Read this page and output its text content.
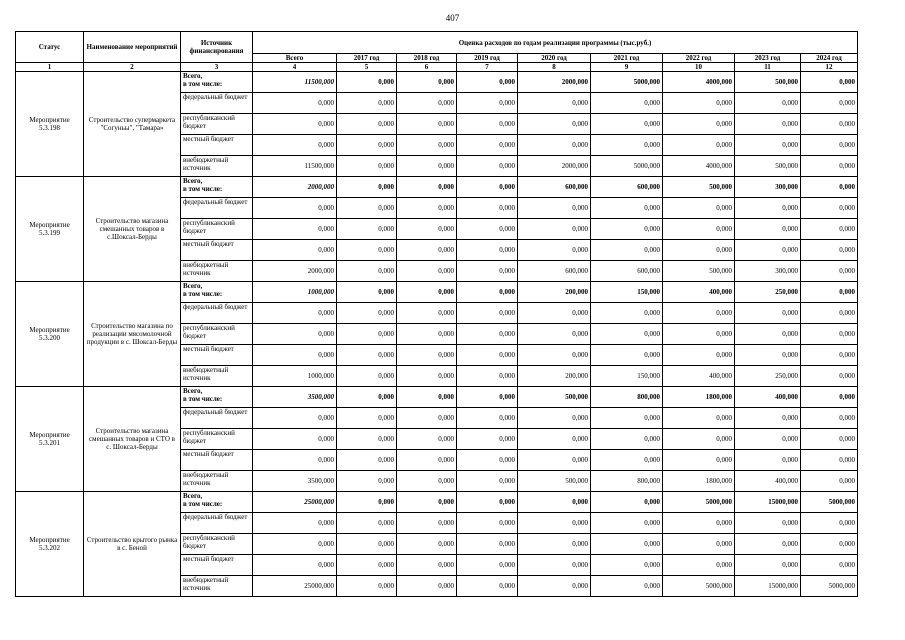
407
Статус	Наименование мероприятий	Источник финансирования	Оценка расходов по годам реализации программы (тыс.руб.)								
			Всего	2017 год	2018 год	2019 год	2020 год	2021 год	2022 год	2023 год	2024 год
1	2	3	4	5	6	7	8	9	10	11	12
Мероприятие 5.3.198	Строительство супермаркета "Согуньы", "Тамара»	Всего,
в том числе:	11500,000	0,000	0,000	0,000	2000,000	5000,000	4000,000	500,000	0,000
		федеральный бюджет	0,000	0,000	0,000	0,000	0,000	0,000	0,000	0,000	0,000
		республиканский бюджет	0,000	0,000	0,000	0,000	0,000	0,000	0,000	0,000	0,000
		местный бюджет	0,000	0,000	0,000	0,000	0,000	0,000	0,000	0,000	0,000
		внебюджетный источник	11500,000	0,000	0,000	0,000	2000,000	5000,000	4000,000	500,000	0,000
Мероприятие 5.3.199	Строительство магазина смешанных товаров в с.Шоксал-Берды	Всего,
в том числе:	2000,000	0,000	0,000	0,000	600,000	600,000	500,000	300,000	0,000
		федеральный бюджет	0,000	0,000	0,000	0,000	0,000	0,000	0,000	0,000	0,000
		республиканский бюджет	0,000	0,000	0,000	0,000	0,000	0,000	0,000	0,000	0,000
		местный бюджет	0,000	0,000	0,000	0,000	0,000	0,000	0,000	0,000	0,000
		внебюджетный источник	2000,000	0,000	0,000	0,000	600,000	600,000	500,000	300,000	0,000
Мероприятие 5.3.200	Строительство магазина по реализации мясомолочной продукции в с. Шоксал-Берды	Всего,
в том числе:	1000,000	0,000	0,000	0,000	200,000	150,000	400,000	250,000	0,000
		федеральный бюджет	0,000	0,000	0,000	0,000	0,000	0,000	0,000	0,000	0,000
		республиканский бюджет	0,000	0,000	0,000	0,000	0,000	0,000	0,000	0,000	0,000
		местный бюджет	0,000	0,000	0,000	0,000	0,000	0,000	0,000	0,000	0,000
		внебюджетный источник	1000,000	0,000	0,000	0,000	200,000	150,000	400,000	250,000	0,000
Мероприятие 5.3.201	Строительство магазина смешанных товаров и СТО в с. Шоксал-Берды	Всего,
в том числе:	3500,000	0,000	0,000	0,000	500,000	800,000	1800,000	400,000	0,000
		федеральный бюджет	0,000	0,000	0,000	0,000	0,000	0,000	0,000	0,000	0,000
		республиканский бюджет	0,000	0,000	0,000	0,000	0,000	0,000	0,000	0,000	0,000
		местный бюджет	0,000	0,000	0,000	0,000	0,000	0,000	0,000	0,000	0,000
		внебюджетный источник	3500,000	0,000	0,000	0,000	500,000	800,000	1800,000	400,000	0,000
Мероприятие 5.3.202	Строительство крытого рынка в с. Беной	Всего,
в том числе:	25000,000	0,000	0,000	0,000	0,000	0,000	5000,000	15000,000	5000,000
		федеральный бюджет	0,000	0,000	0,000	0,000	0,000	0,000	0,000	0,000	0,000
		республиканский бюджет	0,000	0,000	0,000	0,000	0,000	0,000	0,000	0,000	0,000
		местный бюджет	0,000	0,000	0,000	0,000	0,000	0,000	0,000	0,000	0,000
		внебюджетный источник	25000,000	0,000	0,000	0,000	0,000	0,000	5000,000	15000,000	5000,000
